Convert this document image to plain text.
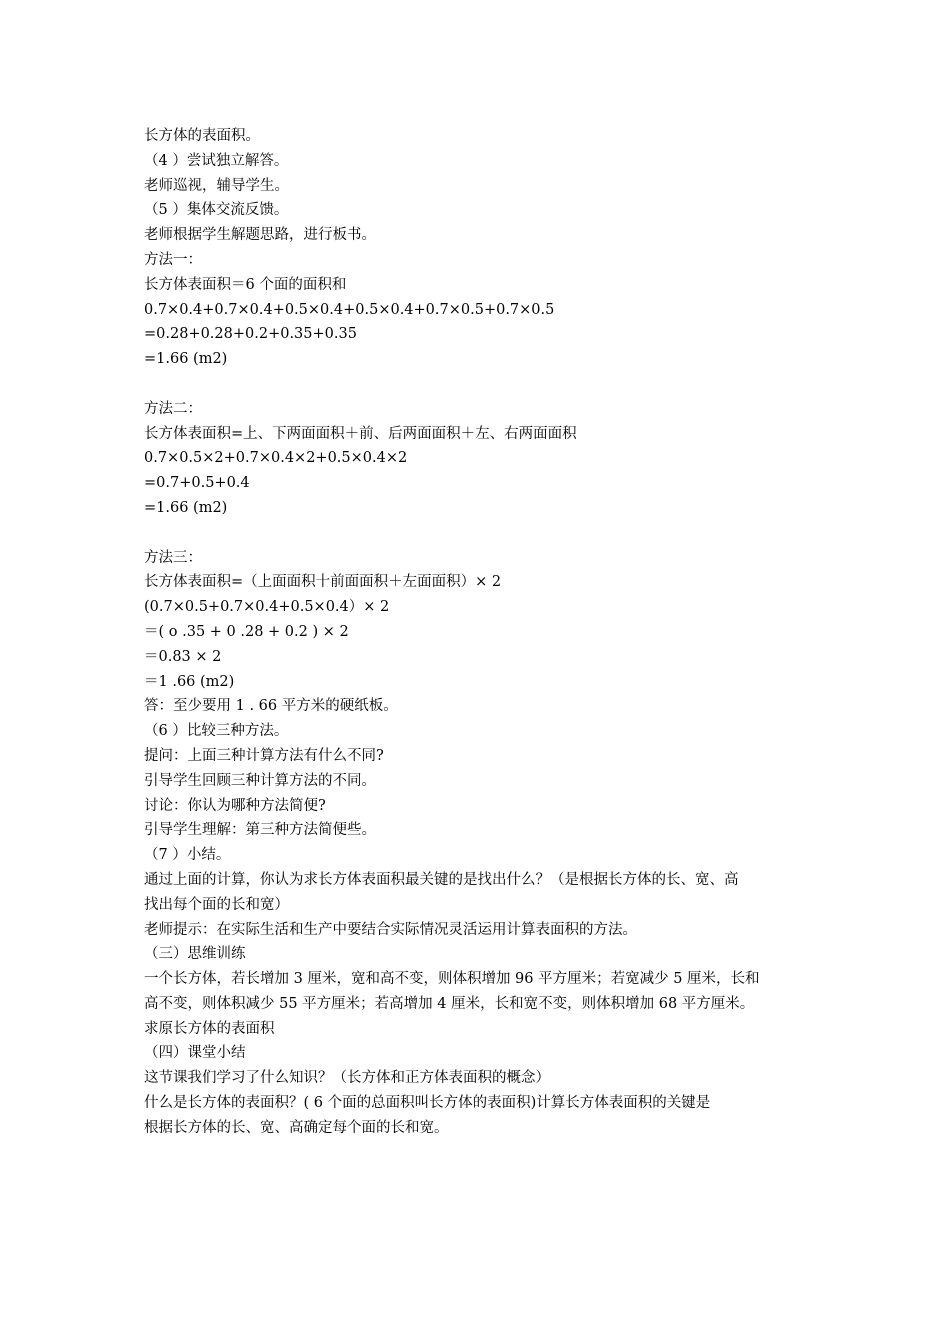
长方体的表面积。
（4 ）尝试独立解答。
老师巡视，辅导学生。
（5 ）集体交流反馈。
老师根据学生解题思路，进行板书。
方法一：
长方体表面积＝6 个面的面积和
0.7×0.4+0.7×0.4+0.5×0.4+0.5×0.4+0.7×0.5+0.7×0.5
=0.28+0.28+0.2+0.35+0.35
=1.66 (m2)
方法二：
长方体表面积=上、下两面面积＋前、后两面面积＋左、右两面面积
0.7×0.5×2+0.7×0.4×2+0.5×0.4×2
=0.7+0.5+0.4
=1.66 (m2)
方法三：
长方体表面积=（上面面积十前面面积＋左面面积）× 2
(0.7×0.5+0.7×0.4+0.5×0.4）× 2
＝( o .35 + 0 .28 + 0.2 ) × 2
＝0.83 × 2
＝1 .66 (m2)
答：至少要用 1 . 66 平方米的硬纸板。
（6 ）比较三种方法。
提问：上面三种计算方法有什么不同?
引导学生回顾三种计算方法的不同。
讨论：你认为哪种方法简便?
引导学生理解：第三种方法简便些。
（7 ）小结。
通过上面的计算，你认为求长方体表面积最关键的是找出什么？（是根据长方体的长、宽、高
找出每个面的长和宽）
老师提示：在实际生活和生产中要结合实际情况灵活运用计算表面积的方法。
（三）思维训练
一个长方体，若长增加 3 厘米，宽和高不变，则体积增加 96 平方厘米；若宽减少 5 厘米，长和
高不变，则体积减少 55 平方厘米；若高增加 4 厘米，长和宽不变，则体积增加 68 平方厘米。
求原长方体的表面积
（四）课堂小结
这节课我们学习了什么知识？（长方体和正方体表面积的概念）
什么是长方体的表面积？( 6 个面的总面积叫长方体的表面积)计算长方体表面积的关键是
根据长方体的长、宽、高确定每个面的长和宽。
